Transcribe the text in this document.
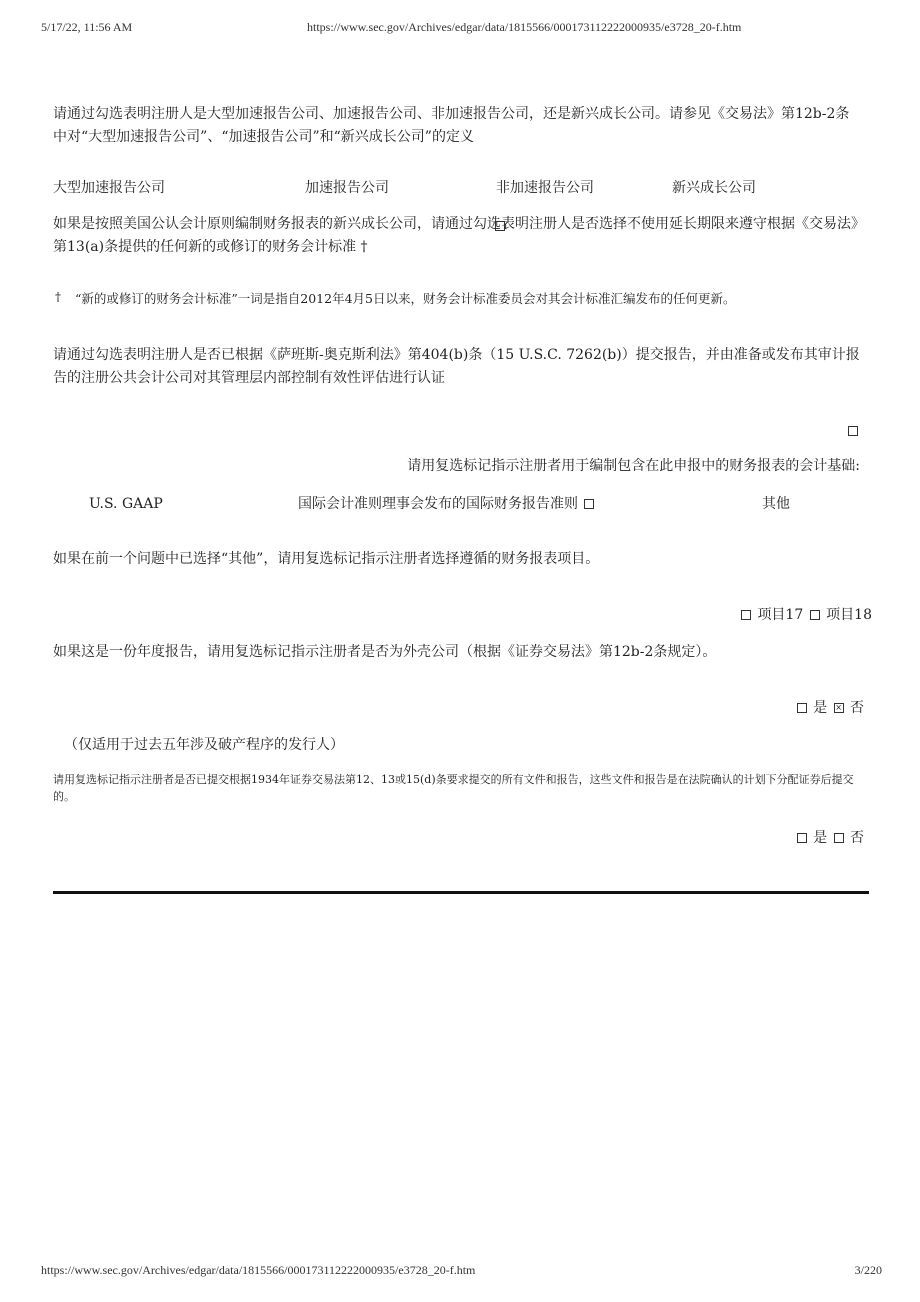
5/17/22, 11:56 AM	https://www.sec.gov/Archives/edgar/data/1815566/000173112222000935/e3728_20-f.htm
请通过勾选表明注册人是大型加速报告公司、加速报告公司、非加速报告公司，还是新兴成长公司。请参见《交易法》第12b-2条中对“大型加速报告公司”、“加速报告公司”和“新兴成长公司”的定义
大型加速报告公司	加速报告公司	非加速报告公司	新兴成长公司
如果是按照美国公认会计原则编制财务报表的新兴成长公司，请通过勾选表明注册人是否选择不使用延长期限来遵守根据《交易法》第13(a)条提供的任何新的或修订的财务会计标准 †
†	“新的或修订的财务会计标准”一词是指自2012年4月5日以来，财务会计标准委员会对其会计标准汇编发布的任何更新。
请通过勾选表明注册人是否已根据《萨班斯-奥克斯利法》第404(b)条（15 U.S.C. 7262(b)）提交报告，并由准备或发布其审计报告的注册公共会计公司对其管理层内部控制有效性评估进行认证
请用复选标记指示注册者用于编制包含在此申报中的财务报表的会计基础:
U.S. GAAP	国际会计准则理事会发布的国际财务报告准则	其他
如果在前一个问题中已选择“其他”，请用复选标记指示注册者选择遵循的财务报表项目。
项目17 项目18
如果这是一份年度报告，请用复选标记指示注册者是否为外壳公司（根据《证券交易法》第12b-2条规定）。
是 × 否
（仅适用于过去五年涉及破产程序的发行人）
请用复选标记指示注册者是否已提交根据1934年证券交易法第12、13或15(d)条要求提交的所有文件和报告，这些文件和报告是在法院确认的计划下分配证券后提交的。
是 否
https://www.sec.gov/Archives/edgar/data/1815566/000173112222000935/e3728_20-f.htm	3/220
